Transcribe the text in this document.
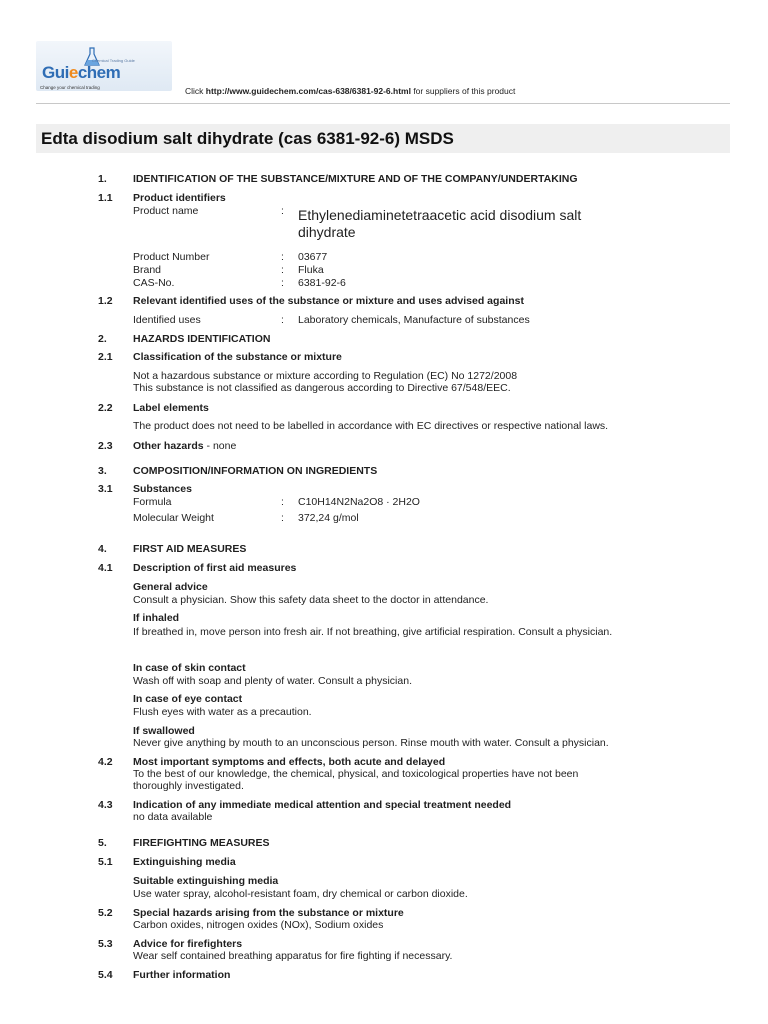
Chemical Trading Guide
Guiechem
Change your chemical trading	Click http://www.guidechem.com/cas-638/6381-92-6.html for suppliers of this product
Edta disodium salt dihydrate (cas 6381-92-6) MSDS
1. IDENTIFICATION OF THE SUBSTANCE/MIXTURE AND OF THE COMPANY/UNDERTAKING
1.1 Product identifiers
Product name	: Ethylenediaminetetraacetic acid disodium salt
dihydrate
Product Number	: 03677
Brand	: Fluka
CAS-No.	: 6381-92-6
1.2 Relevant identified uses of the substance or mixture and uses advised against
Identified uses	: Laboratory chemicals, Manufacture of substances
2. HAZARDS IDENTIFICATION
2.1 Classification of the substance or mixture
Not a hazardous substance or mixture according to Regulation (EC) No 1272/2008
This substance is not classified as dangerous according to Directive 67/548/EEC.
2.2 Label elements
The product does not need to be labelled in accordance with EC directives or respective national laws.
2.3 Other hazards - none
3. COMPOSITION/INFORMATION ON INGREDIENTS
3.1 Substances
Formula	: C10H14N2Na2O8 · 2H2O
Molecular Weight	: 372,24 g/mol
4. FIRST AID MEASURES
4.1 Description of first aid measures
General advice
Consult a physician. Show this safety data sheet to the doctor in attendance.
If inhaled
If breathed in, move person into fresh air. If not breathing, give artificial respiration. Consult a physician.
In case of skin contact
Wash off with soap and plenty of water. Consult a physician.
In case of eye contact
Flush eyes with water as a precaution.
If swallowed
Never give anything by mouth to an unconscious person. Rinse mouth with water. Consult a physician.
4.2 Most important symptoms and effects, both acute and delayed
To the best of our knowledge, the chemical, physical, and toxicological properties have not been
thoroughly investigated.
4.3 Indication of any immediate medical attention and special treatment needed
no data available
5. FIREFIGHTING MEASURES
5.1 Extinguishing media
Suitable extinguishing media
Use water spray, alcohol-resistant foam, dry chemical or carbon dioxide.
5.2 Special hazards arising from the substance or mixture
Carbon oxides, nitrogen oxides (NOx), Sodium oxides
5.3 Advice for firefighters
Wear self contained breathing apparatus for fire fighting if necessary.
5.4 Further information
